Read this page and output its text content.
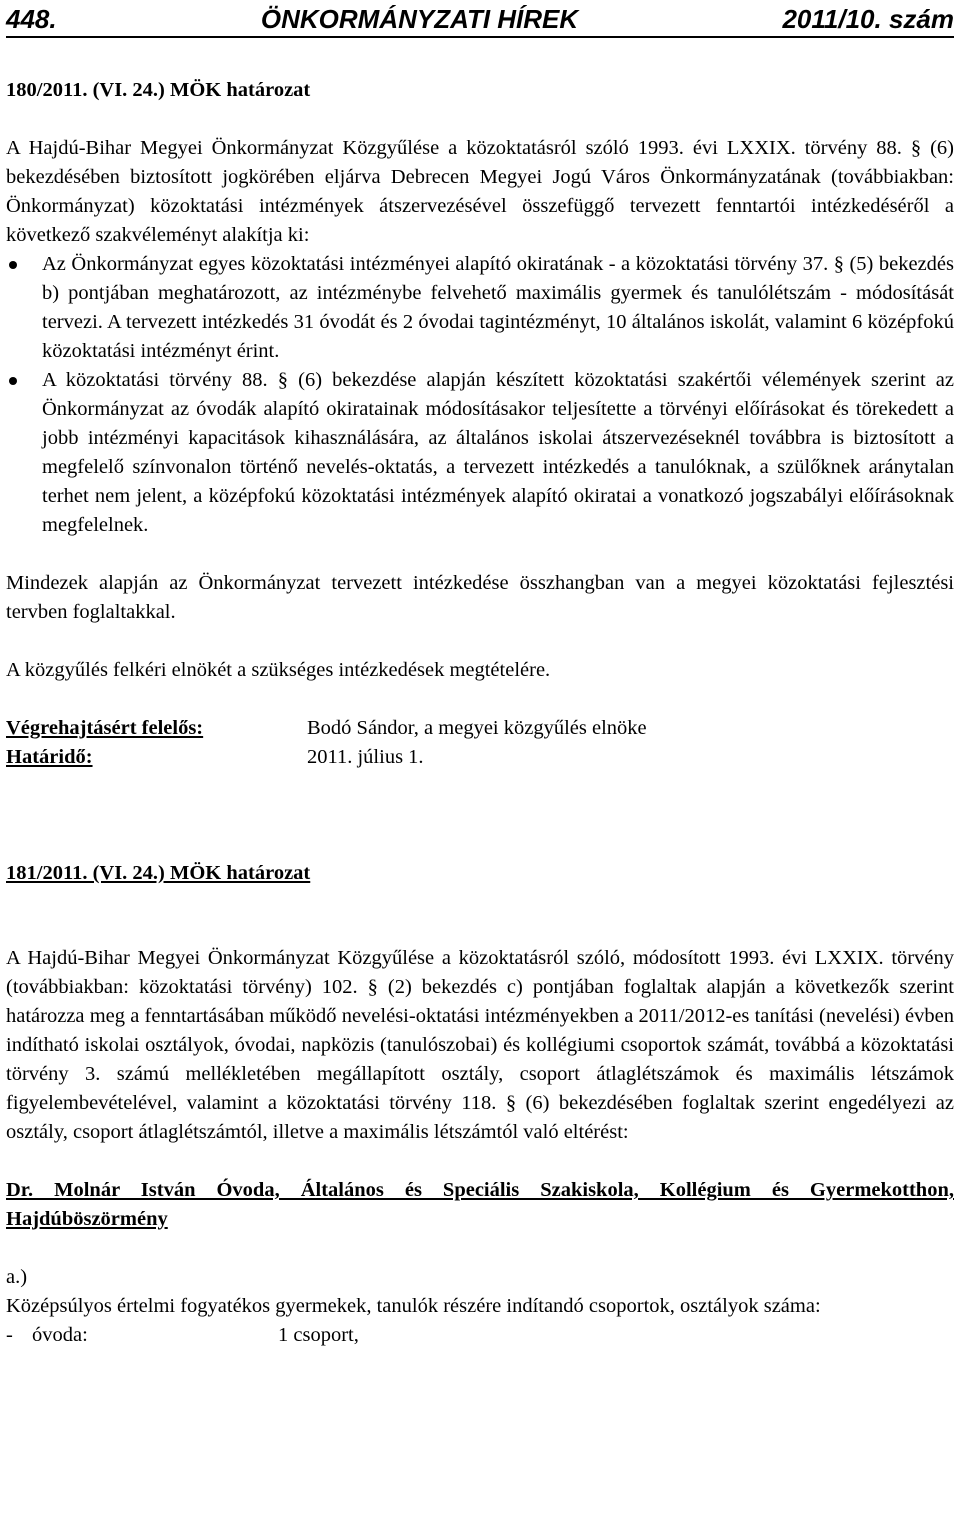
448.	ÖNKORMÁNYZATI HÍREK	2011/10. szám

180/2011. (VI. 24.) MÖK határozat

A Hajdú-Bihar Megyei Önkormányzat Közgyűlése a közoktatásról szóló 1993. évi LXXIX. törvény 88. § (6) bekezdésében biztosított jogkörében eljárva Debrecen Megyei Jogú Város Önkormányzatának (továbbiakban: Önkormányzat) közoktatási intézmények átszervezésével összefüggő tervezett fenntartói intézkedéséről a következő szakvéleményt alakítja ki:

Az Önkormányzat egyes közoktatási intézményei alapító okiratának - a közoktatási törvény 37. § (5) bekezdés b) pontjában meghatározott, az intézménybe felvehető maximális gyermek és tanulólétszám - módosítását tervezi. A tervezett intézkedés 31 óvodát és 2 óvodai tagintézményt, 10 általános iskolát, valamint 6 középfokú közoktatási intézményt érint.
A közoktatási törvény 88. § (6) bekezdése alapján készített közoktatási szakértői vélemények szerint az Önkormányzat az óvodák alapító okiratainak módosításakor teljesítette a törvényi előírásokat és törekedett a jobb intézményi kapacitások kihasználására, az általános iskolai átszervezéseknél továbbra is biztosított a megfelelő színvonalon történő nevelés-oktatás, a tervezett intézkedés a tanulóknak, a szülőknek aránytalan terhet nem jelent, a középfokú közoktatási intézmények alapító okiratai a vonatkozó jogszabályi előírásoknak megfelelnek.

Mindezek alapján az Önkormányzat tervezett intézkedése összhangban van a megyei közoktatási fejlesztési tervben foglaltakkal.

A közgyűlés felkéri elnökét a szükséges intézkedések megtételére.

Végrehajtásért felelős:	Bodó Sándor, a megyei közgyűlés elnöke
Határidő:	2011. július 1.

181/2011. (VI. 24.) MÖK határozat

A Hajdú-Bihar Megyei Önkormányzat Közgyűlése a közoktatásról szóló, módosított 1993. évi LXXIX. törvény (továbbiakban: közoktatási törvény) 102. § (2) bekezdés c) pontjában foglaltak alapján a következők szerint határozza meg a fenntartásában működő nevelési-oktatási intézményekben a 2011/2012-es tanítási (nevelési) évben indítható iskolai osztályok, óvodai, napközis (tanulószobai) és kollégiumi csoportok számát, továbbá a közoktatási törvény 3. számú mellékletében megállapított osztály, csoport átlaglétszámok és maximális létszámok figyelembevételével, valamint a közoktatási törvény 118. § (6) bekezdésében foglaltak szerint engedélyezi az osztály, csoport átlaglétszámtól, illetve a maximális létszámtól való eltérést:

Dr. Molnár István Óvoda, Általános és Speciális Szakiskola, Kollégium és Gyermekotthon, Hajdúböszörmény

a.)

Középsúlyos értelmi fogyatékos gyermekek, tanulók részére indítandó csoportok, osztályok száma:

- óvoda:	1 csoport,
